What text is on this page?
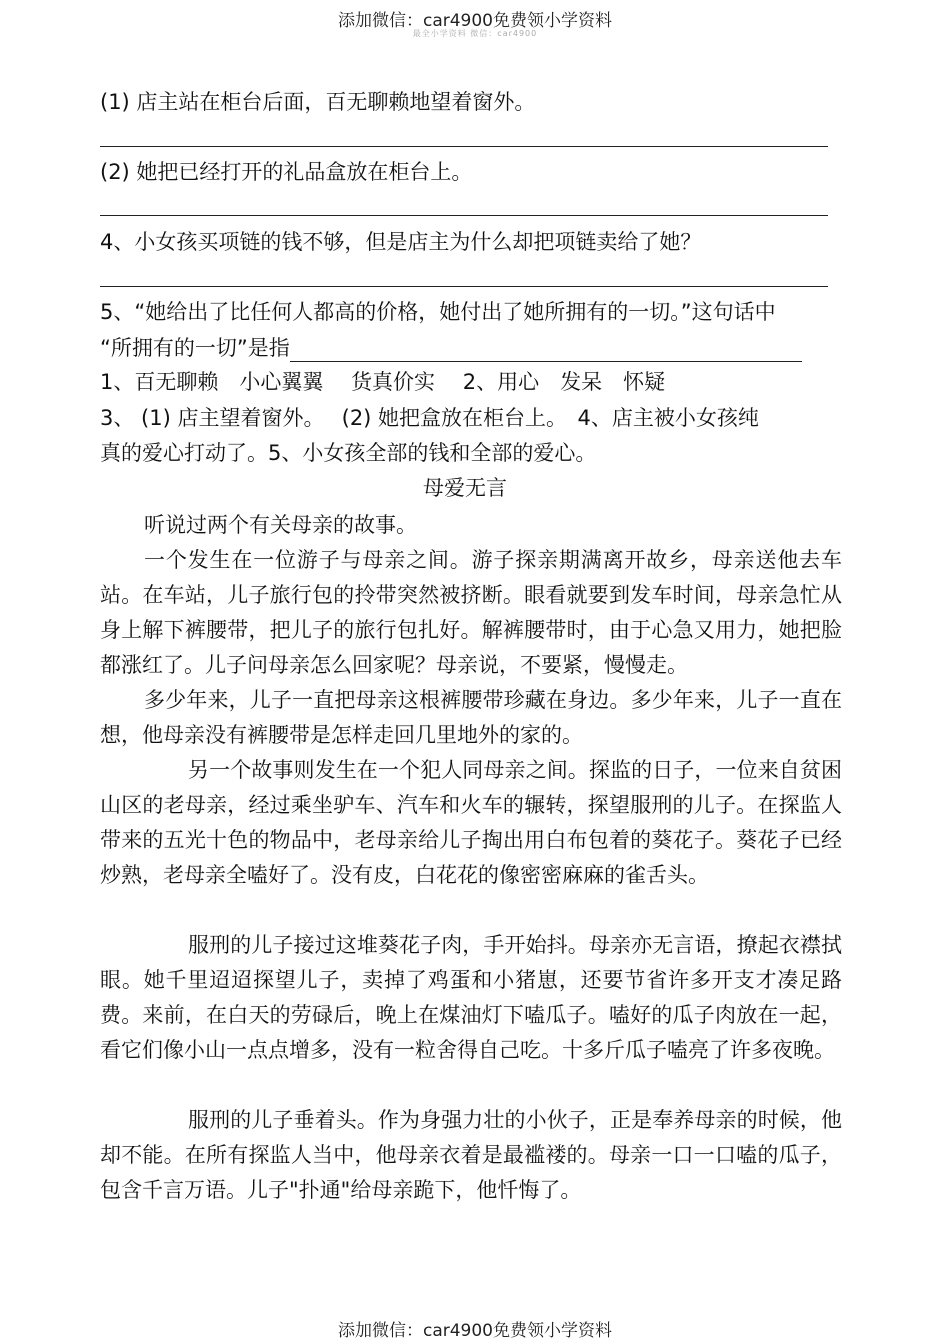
添加微信：car4900免费领小学资料
最全小学资料 微信：car4900
(1) 店主站在柜台后面，百无聊赖地望着窗外。
(2) 她把已经打开的礼品盒放在柜台上。
4、小女孩买项链的钱不够，但是店主为什么却把项链卖给了她？
5、“她给出了比任何人都高的价格，她付出了她所拥有的一切。”这句话中
“所拥有的一切”是指
1、百无聊赖　小心翼翼　 货真价实　 2、用心　发呆　怀疑
3、 (1) 店主望着窗外。　 (2) 她把盒放在柜台上。　4、店主被小女孩纯
真的爱心打动了。5、小女孩全部的钱和全部的爱心。
母爱无言
听说过两个有关母亲的故事。
一个发生在一位游子与母亲之间。游子探亲期满离开故乡，母亲送他去车站。在车站，儿子旅行包的拎带突然被挤断。眼看就要到发车时间，母亲急忙从身上解下裤腰带，把儿子的旅行包扎好。解裤腰带时，由于心急又用力，她把脸都涨红了。儿子问母亲怎么回家呢？母亲说，不要紧，慢慢走。
多少年来，儿子一直把母亲这根裤腰带珍藏在身边。多少年来，儿子一直在想，他母亲没有裤腰带是怎样走回几里地外的家的。
另一个故事则发生在一个犯人同母亲之间。探监的日子，一位来自贫困山区的老母亲，经过乘坐驴车、汽车和火车的辗转，探望服刑的儿子。在探监人带来的五光十色的物品中，老母亲给儿子掏出用白布包着的葵花子。葵花子已经炒熟，老母亲全嗑好了。没有皮，白花花的像密密麻麻的雀舌头。
服刑的儿子接过这堆葵花子肉，手开始抖。母亲亦无言语，撩起衣襟拭眼。她千里迢迢探望儿子，卖掉了鸡蛋和小猪崽，还要节省许多开支才凑足路费。来前，在白天的劳碌后，晚上在煤油灯下嗑瓜子。嗑好的瓜子肉放在一起，看它们像小山一点点增多，没有一粒舍得自己吃。十多斤瓜子嗑亮了许多夜晚。
服刑的儿子垂着头。作为身强力壮的小伙子，正是奉养母亲的时候，他却不能。在所有探监人当中，他母亲衣着是最褴褛的。母亲一口一口嗑的瓜子，包含千言万语。儿子"扑通"给母亲跪下，他忏悔了。
添加微信：car4900免费领小学资料
